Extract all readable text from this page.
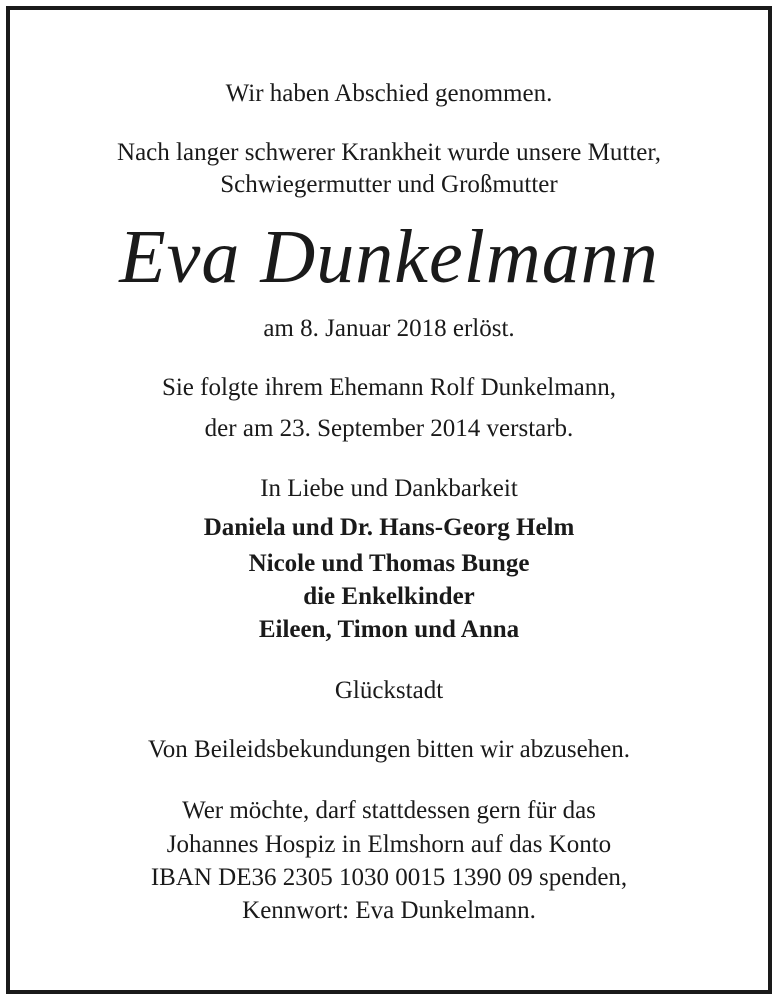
Wir haben Abschied genommen.
Nach langer schwerer Krankheit wurde unsere Mutter,
Schwiegermutter und Großmutter
Eva Dunkelmann
am 8. Januar 2018 erlöst.
Sie folgte ihrem Ehemann Rolf Dunkelmann,
der am 23. September 2014 verstarb.
In Liebe und Dankbarkeit
Daniela und Dr. Hans-Georg Helm
Nicole und Thomas Bunge
die Enkelkinder
Eileen, Timon und Anna
Glückstadt
Von Beileidsbekundungen bitten wir abzusehen.
Wer möchte, darf stattdessen gern für das
Johannes Hospiz in Elmshorn auf das Konto
IBAN DE36 2305 1030 0015 1390 09 spenden,
Kennwort: Eva Dunkelmann.
